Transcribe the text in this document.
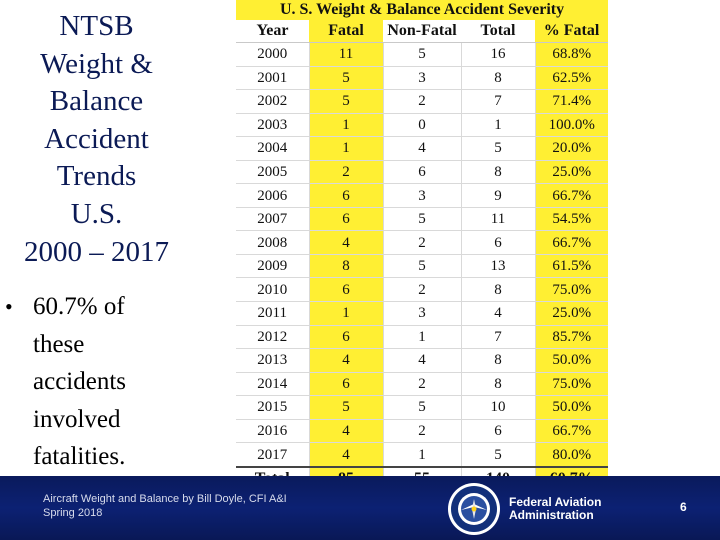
NTSB
Weight &
Balance
Accident
Trends
U.S.
2000 – 2017
• 60.7% of
these
accidents
involved
fatalities.
U. S. Weight & Balance Accident Severity				
Year	Fatal	Non-Fatal	Total	% Fatal
2000	11	5	16	68.8%
2001	5	3	8	62.5%
2002	5	2	7	71.4%
2003	1	0	1	100.0%
2004	1	4	5	20.0%
2005	2	6	8	25.0%
2006	6	3	9	66.7%
2007	6	5	11	54.5%
2008	4	2	6	66.7%
2009	8	5	13	61.5%
2010	6	2	8	75.0%
2011	1	3	4	25.0%
2012	6	1	7	85.7%
2013	4	4	8	50.0%
2014	6	2	8	75.0%
2015	5	5	10	50.0%
2016	4	2	6	66.7%
2017	4	1	5	80.0%

Aircraft Weight and Balance by Bill Doyle, CFI A&I
Spring 2018
Federal Aviation
Administration
6
